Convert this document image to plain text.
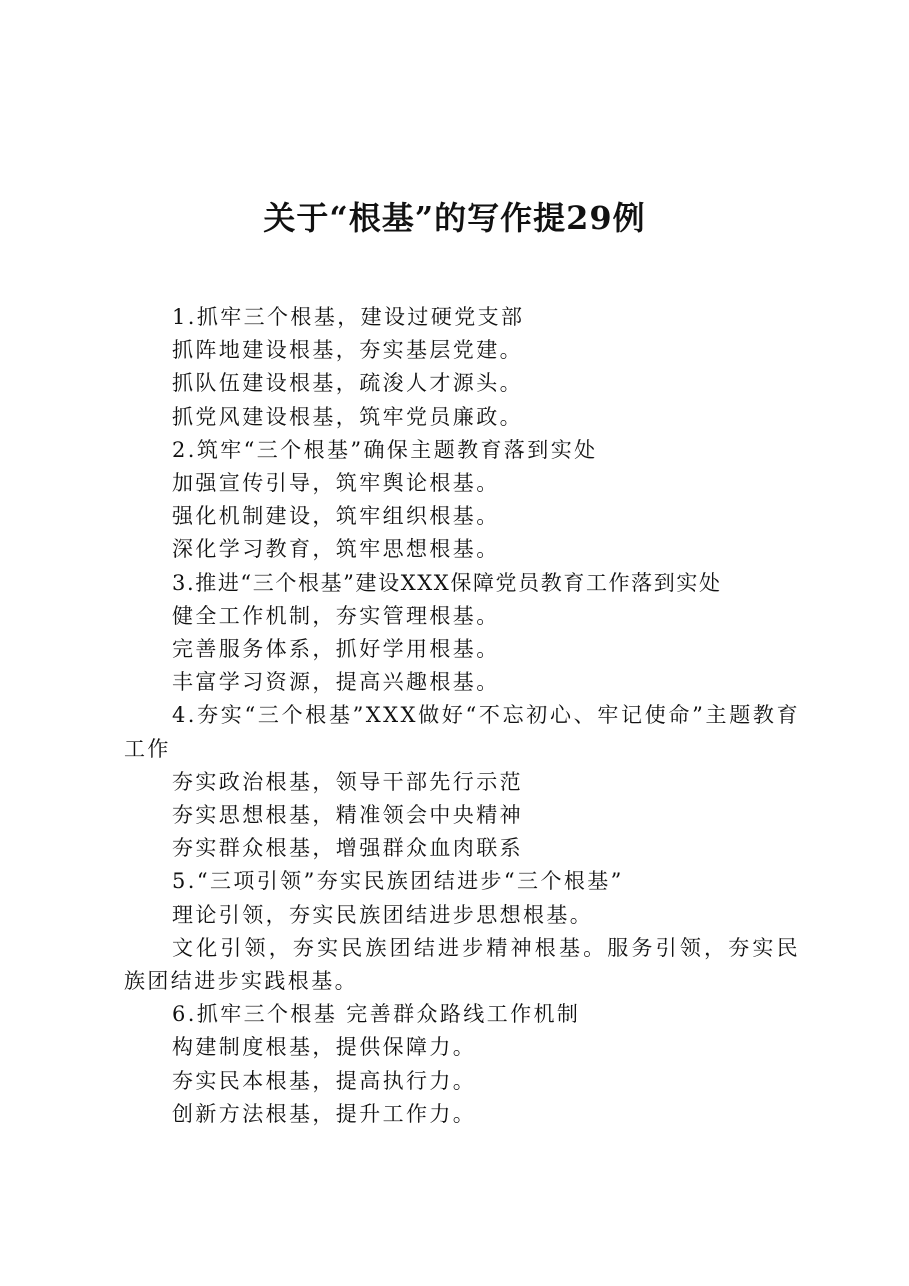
关于“根基”的写作提29例

1.抓牢三个根基，建设过硬党支部

抓阵地建设根基，夯实基层党建。

抓队伍建设根基，疏浚人才源头。

抓党风建设根基，筑牢党员廉政。

2.筑牢“三个根基”确保主题教育落到实处

加强宣传引导，筑牢舆论根基。

强化机制建设，筑牢组织根基。

深化学习教育，筑牢思想根基。

3.推进“三个根基”建设XXX保障党员教育工作落到实处

健全工作机制，夯实管理根基。

完善服务体系，抓好学用根基。

丰富学习资源，提高兴趣根基。

4.夯实“三个根基”XXX做好“不忘初心、牢记使命”主题教育工作

夯实政治根基，领导干部先行示范

夯实思想根基，精准领会中央精神

夯实群众根基，增强群众血肉联系

5.“三项引领”夯实民族团结进步“三个根基”

理论引领，夯实民族团结进步思想根基。

文化引领，夯实民族团结进步精神根基。服务引领，夯实民族团结进步实践根基。

6.抓牢三个根基 完善群众路线工作机制

构建制度根基，提供保障力。

夯实民本根基，提高执行力。

创新方法根基，提升工作力。
